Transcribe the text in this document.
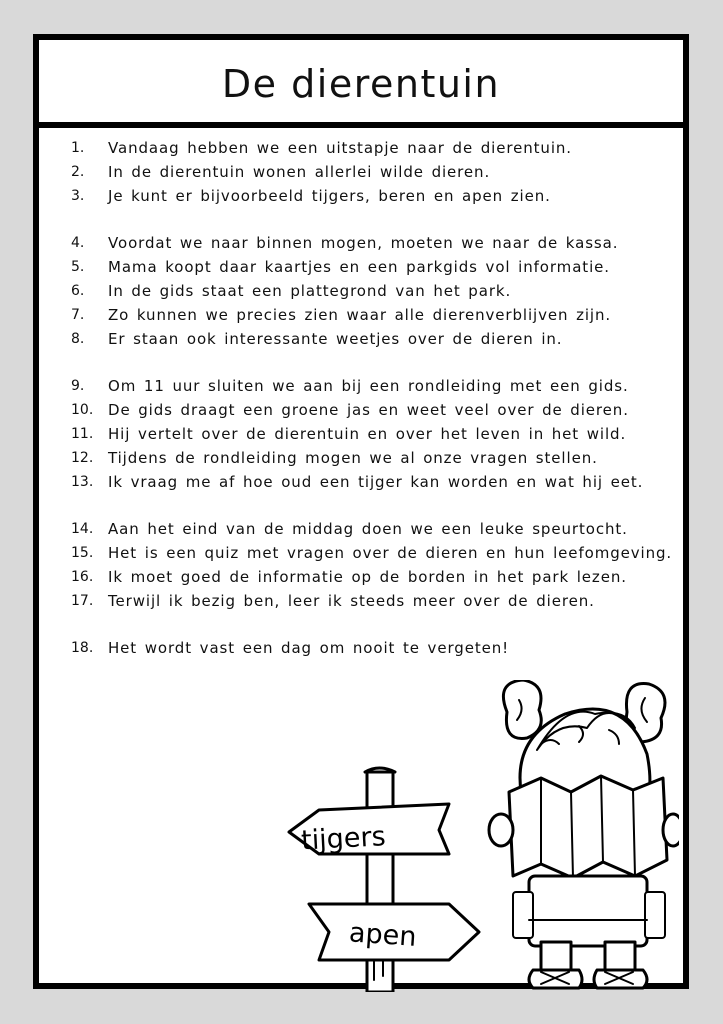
De dierentuin
1.	Vandaag hebben we een uitstapje naar de dierentuin.
2.	In de dierentuin wonen allerlei wilde dieren.
3.	Je kunt er bijvoorbeeld tijgers, beren en apen zien.
4.	Voordat we naar binnen mogen, moeten we naar de kassa.
5.	Mama koopt daar kaartjes en een parkgids vol informatie.
6.	In de gids staat een plattegrond van het park.
7.	Zo kunnen we precies zien waar alle dierenverblijven zijn.
8.	Er staan ook interessante weetjes over de dieren in.
9.	Om 11 uur sluiten we aan bij een rondleiding met een gids.
10. De gids draagt een groene jas en weet veel over de dieren.
11. Hij vertelt over de dierentuin en over het leven in het wild.
12. Tijdens de rondleiding mogen we al onze vragen stellen.
13. Ik vraag me af hoe oud een tijger kan worden en wat hij eet.
14. Aan het eind van de middag doen we een leuke speurtocht.
15. Het is een quiz met vragen over de dieren en hun leefomgeving.
16. Ik moet goed de informatie op de borden in het park lezen.
17. Terwijl ik bezig ben, leer ik steeds meer over de dieren.
18. Het wordt vast een dag om nooit te vergeten!
tijgers
apen
